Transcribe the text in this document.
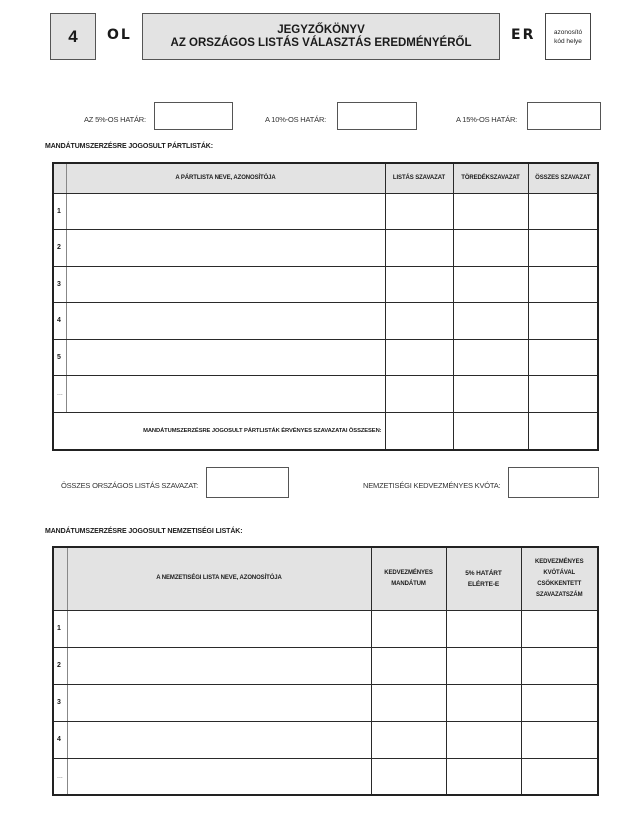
4 OL	JEGYZŐKÖNYV
AZ ORSZÁGOS LISTÁS VÁLASZTÁS EREDMÉNYÉRŐL	ER	azonosító
kód helye
AZ 5%-OS HATÁR:	A 10%-OS HATÁR:	A 15%-OS HATÁR:
MANDÁTUMSZERZÉSRE JOGOSULT PÁRTLISTÁK:
	A PÁRTLISTA NEVE, AZONOSÍTÓJA	LISTÁS SZAVAZAT	TÖREDÉKSZAVAZAT	ÖSSZES SZAVAZAT
1				
2				
3				
4				
5				
...				
MANDÁTUMSZERZÉSRE JOGOSULT PÁRTLISTÁK ÉRVÉNYES SZAVAZATAI ÖSSZESEN:				
ÖSSZES ORSZÁGOS LISTÁS SZAVAZAT:	NEMZETISÉGI KEDVEZMÉNYES KVÓTA:
MANDÁTUMSZERZÉSRE JOGOSULT NEMZETISÉGI LISTÁK:
	A NEMZETISÉGI LISTA NEVE, AZONOSÍTÓJA	KEDVEZMÉNYES MANDÁTUM	5% HATÁRT ELÉRTE-E	KEDVEZMÉNYES KVÓTÁVAL CSÖKKENTETT SZAVAZATSZÁM
1				
2				
3				
4				
...				
